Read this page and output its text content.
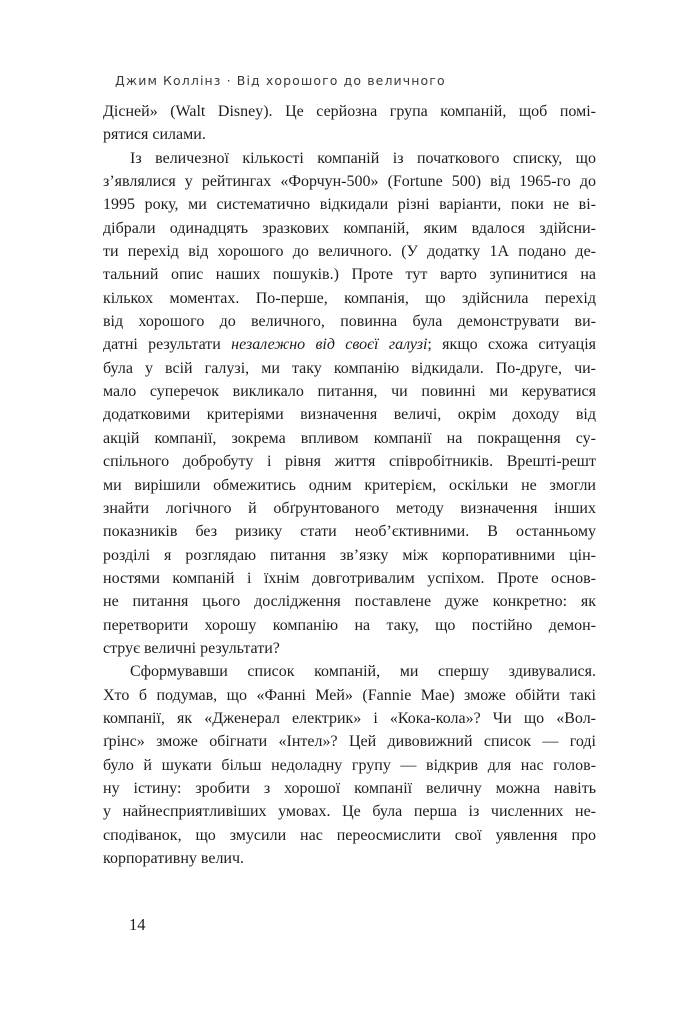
Джим Коллінз · Від хорошого до величного
Дісней» (Walt Disney). Це серйозна група компаній, щоб помі-
рятися силами.
Із величезної кількості компаній із початкового списку, що
з’являлися у рейтингах «Форчун-500» (Fortune 500) від 1965-го до
1995 року, ми систематично відкидали різні варіанти, поки не ві-
дібрали одинадцять зразкових компаній, яким вдалося здійсни-
ти перехід від хорошого до величного. (У додатку 1А подано де-
тальний опис наших пошуків.) Проте тут варто зупинитися на
кількох моментах. По-перше, компанія, що здійснила перехід
від хорошого до величного, повинна була демонструвати ви-
датні результати незалежно від своєї галузі; якщо схожа ситуація
була у всій галузі, ми таку компанію відкидали. По-друге, чи-
мало суперечок викликало питання, чи повинні ми керуватися
додатковими критеріями визначення величі, окрім доходу від
акцій компанії, зокрема впливом компанії на покращення су-
спільного добробуту і рівня життя співробітників. Врешті-решт
ми вирішили обмежитись одним критерієм, оскільки не змогли
знайти логічного й обґрунтованого методу визначення інших
показників без ризику стати необ’єктивними. В останньому
розділі я розглядаю питання зв’язку між корпоративними цін-
ностями компаній і їхнім довготривалим успіхом. Проте основ-
не питання цього дослідження поставлене дуже конкретно: як
перетворити хорошу компанію на таку, що постійно демон-
струє величні результати?
Сформувавши список компаній, ми спершу здивувалися.
Хто б подумав, що «Фанні Мей» (Fannie Mae) зможе обійти такі
компанії, як «Дженерал електрик» і «Кока-кола»? Чи що «Вол-
ґрінс» зможе обігнати «Інтел»? Цей дивовижний список — годі
було й шукати більш недоладну групу — відкрив для нас голов-
ну істину: зробити з хорошої компанії величну можна навіть
у найнесприятливіших умовах. Це була перша із численних не-
сподіванок, що змусили нас переосмислити свої уявлення про
корпоративну велич.
14
